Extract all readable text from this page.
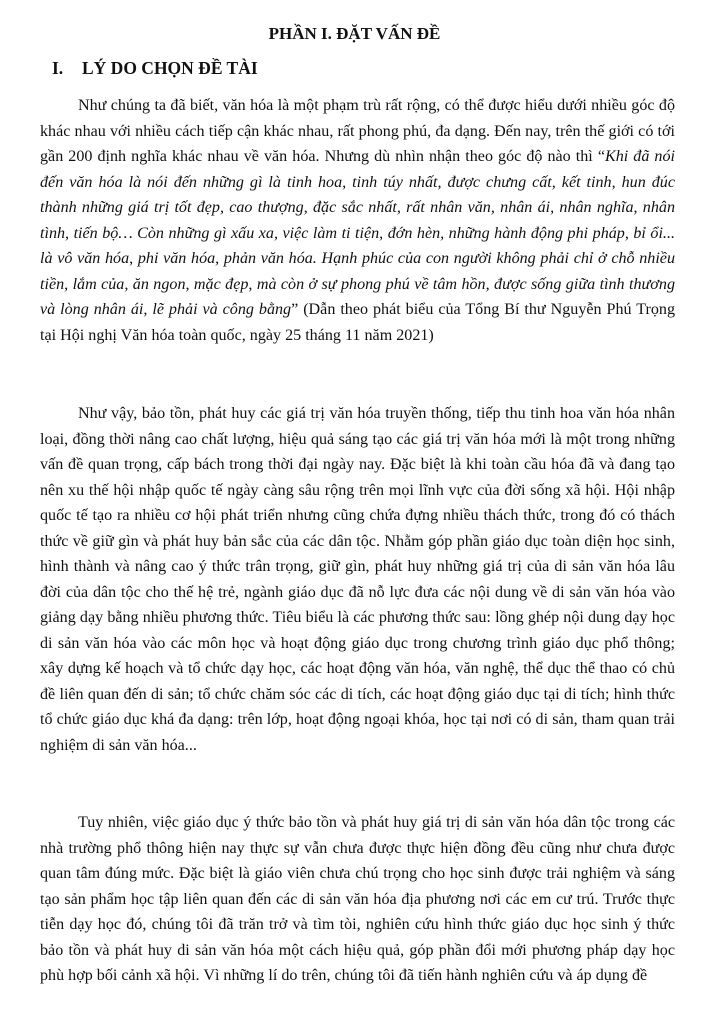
PHẦN I. ĐẶT VẤN ĐỀ
I. LÝ DO CHỌN ĐỀ TÀI

Như chúng ta đã biết, văn hóa là một phạm trù rất rộng, có thể được hiểu dưới nhiều góc độ khác nhau với nhiều cách tiếp cận khác nhau, rất phong phú, đa dạng. Đến nay, trên thế giới có tới gần 200 định nghĩa khác nhau về văn hóa. Nhưng dù nhìn nhận theo góc độ nào thì “Khi đã nói đến văn hóa là nói đến những gì là tinh hoa, tinh túy nhất, được chưng cất, kết tinh, hun đúc thành những giá trị tốt đẹp, cao thượng, đặc sắc nhất, rất nhân văn, nhân ái, nhân nghĩa, nhân tình, tiến bộ… Còn những gì xấu xa, việc làm ti tiện, đớn hèn, những hành động phi pháp, bỉ ổi... là vô văn hóa, phi văn hóa, phản văn hóa. Hạnh phúc của con người không phải chỉ ở chỗ nhiều tiền, lắm của, ăn ngon, mặc đẹp, mà còn ở sự phong phú về tâm hồn, được sống giữa tình thương và lòng nhân ái, lẽ phải và công bằng” (Dẫn theo phát biểu của Tổng Bí thư Nguyễn Phú Trọng tại Hội nghị Văn hóa toàn quốc, ngày 25 tháng 11 năm 2021)

Như vậy, bảo tồn, phát huy các giá trị văn hóa truyền thống, tiếp thu tinh hoa văn hóa nhân loại, đồng thời nâng cao chất lượng, hiệu quả sáng tạo các giá trị văn hóa mới là một trong những vấn đề quan trọng, cấp bách trong thời đại ngày nay. Đặc biệt là khi toàn cầu hóa đã và đang tạo nên xu thế hội nhập quốc tế ngày càng sâu rộng trên mọi lĩnh vực của đời sống xã hội. Hội nhập quốc tế tạo ra nhiều cơ hội phát triển nhưng cũng chứa đựng nhiều thách thức, trong đó có thách thức về giữ gìn và phát huy bản sắc của các dân tộc. Nhằm góp phần giáo dục toàn diện học sinh, hình thành và nâng cao ý thức trân trọng, giữ gìn, phát huy những giá trị của di sản văn hóa lâu đời của dân tộc cho thế hệ trẻ, ngành giáo dục đã nỗ lực đưa các nội dung về di sản văn hóa vào giảng dạy bằng nhiều phương thức. Tiêu biểu là các phương thức sau: lồng ghép nội dung dạy học di sản văn hóa vào các môn học và hoạt động giáo dục trong chương trình giáo dục phổ thông; xây dựng kế hoạch và tổ chức dạy học, các hoạt động văn hóa, văn nghệ, thể dục thể thao có chủ đề liên quan đến di sản; tổ chức chăm sóc các di tích, các hoạt động giáo dục tại di tích; hình thức tổ chức giáo dục khá đa dạng: trên lớp, hoạt động ngoại khóa, học tại nơi có di sản, tham quan trải nghiệm di sản văn hóa...

Tuy nhiên, việc giáo dục ý thức bảo tồn và phát huy giá trị di sản văn hóa dân tộc trong các nhà trường phổ thông hiện nay thực sự vẫn chưa được thực hiện đồng đều cũng như chưa được quan tâm đúng mức. Đặc biệt là giáo viên chưa chú trọng cho học sinh được trải nghiệm và sáng tạo sản phẩm học tập liên quan đến các di sản văn hóa địa phương nơi các em cư trú. Trước thực tiễn dạy học đó, chúng tôi đã trăn trở và tìm tòi, nghiên cứu hình thức giáo dục học sinh ý thức bảo tồn và phát huy di sản văn hóa một cách hiệu quả, góp phần đổi mới phương pháp dạy học phù hợp bối cảnh xã hội. Vì những lí do trên, chúng tôi đã tiến hành nghiên cứu và áp dụng đề
